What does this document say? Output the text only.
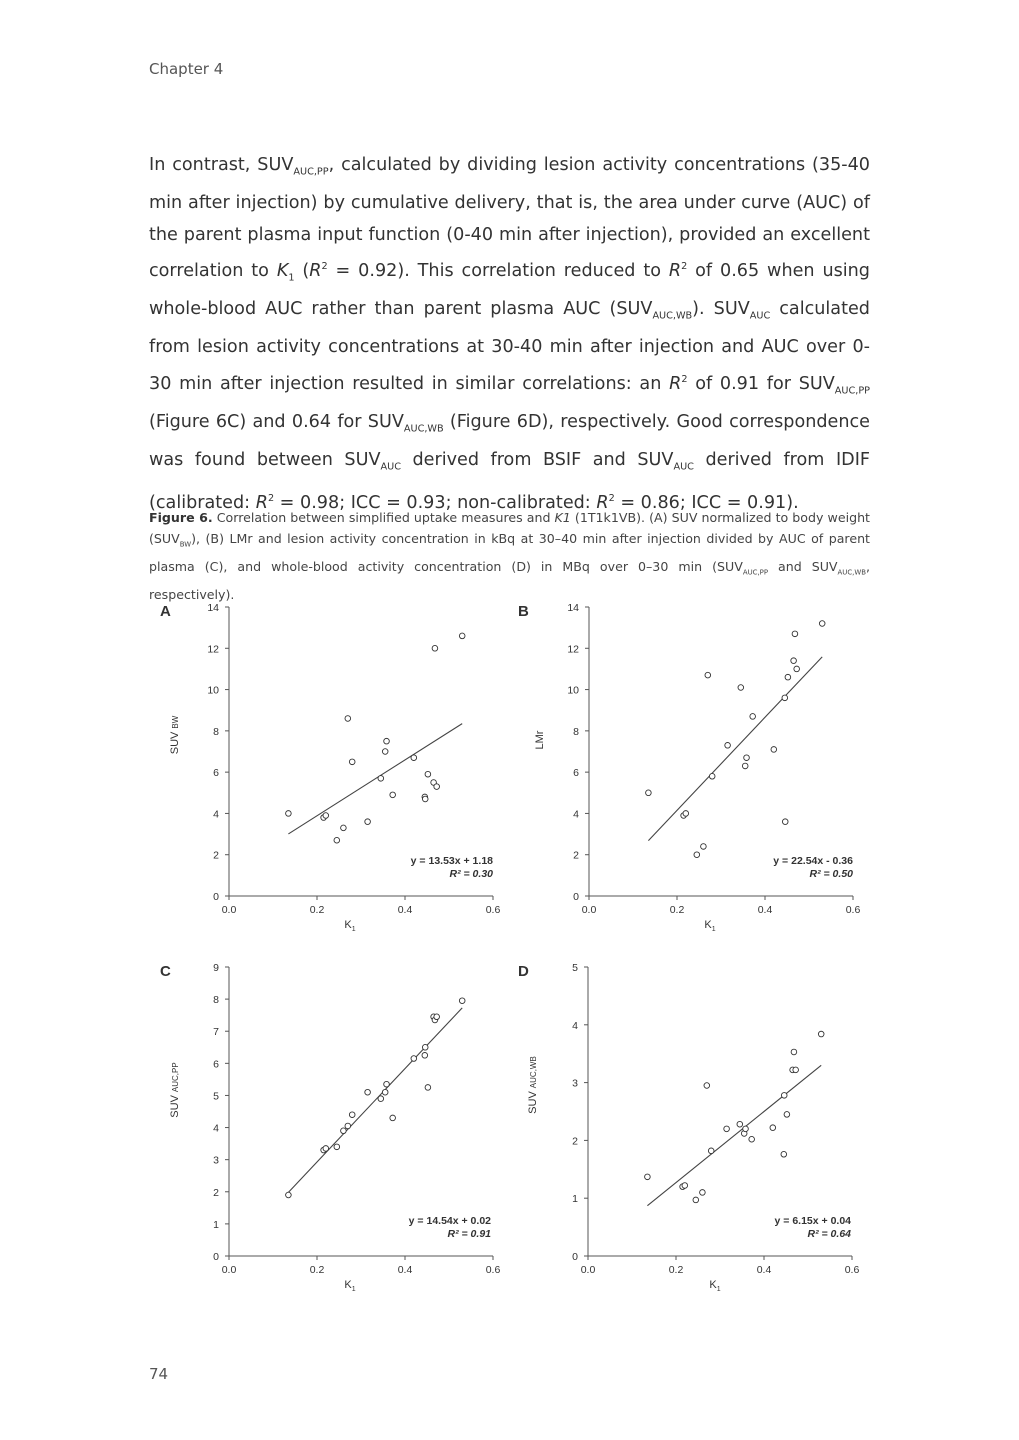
Chapter 4
In contrast, $SUV_{AUC,PP}$, calculated by dividing lesion activity concentrations (35-40 min after injection) by cumulative delivery, that is, the area under curve (AUC) of the parent plasma input function (0-40 min after injection), provided an excellent correlation to $K_1$ $(R^2 = 0.92)$. This correlation reduced to $R^2$ of 0.65 when using whole-blood AUC rather than parent plasma AUC $(SUV_{AUC,WB})$. $SUV_{AUC}$ calculated from lesion activity concentrations at 30-40 min after injection and AUC over 0-30 min after injection resulted in similar correlations: an $R^2$ of 0.91 for $SUV_{AUC,PP}$ (Figure 6C) and 0.64 for $SUV_{AUC,WB}$ (Figure 6D), respectively. Good correspondence was found between $SUV_{AUC}$ derived from BSIF and $SUV_{AUC}$ derived from IDIF (calibrated: $R^2 = 0.98$; ICC = 0.93; non-calibrated: $R^2 = 0.86$; ICC = 0.91).
Figure 6. Correlation between simplified uptake measures and K1 (1T1k1VB). (A) SUV normalized to body weight $(SUV_{BW})$, (B) LMr and lesion activity concentration in kBq at 30–40 min after injection divided by AUC of parent plasma (C), and whole-blood activity concentration (D) in MBq over 0–30 $\min (SUV_{AUC,PP}$ and $SUV_{AUC,WB}$, respectively).
0.0	0.2	0.4	0.6
0
2
4
6
8
10
12
14
A
SUVBW
$K_1$
y = 13.53x + 1.18
R² = 0.30
0.0	0.2	0.4	0.6
0
2
4
6
8
10
12
14
B
LMr
$K_1$
y = 22.54x - 0.36
R² = 0.50
0.0	0.2	0.4	0.6
0
1
2
3
4
5
6
7
8
9
C
SUVAUC,PP
$K_1$
y = 14.54x + 0.02
R² = 0.91
0.0	0.2	0.4	0.6
0
1
2
3
4
5
D
SUVAUC,WB
$K_1$
y = 6.15x + 0.04
R² = 0.64
74
